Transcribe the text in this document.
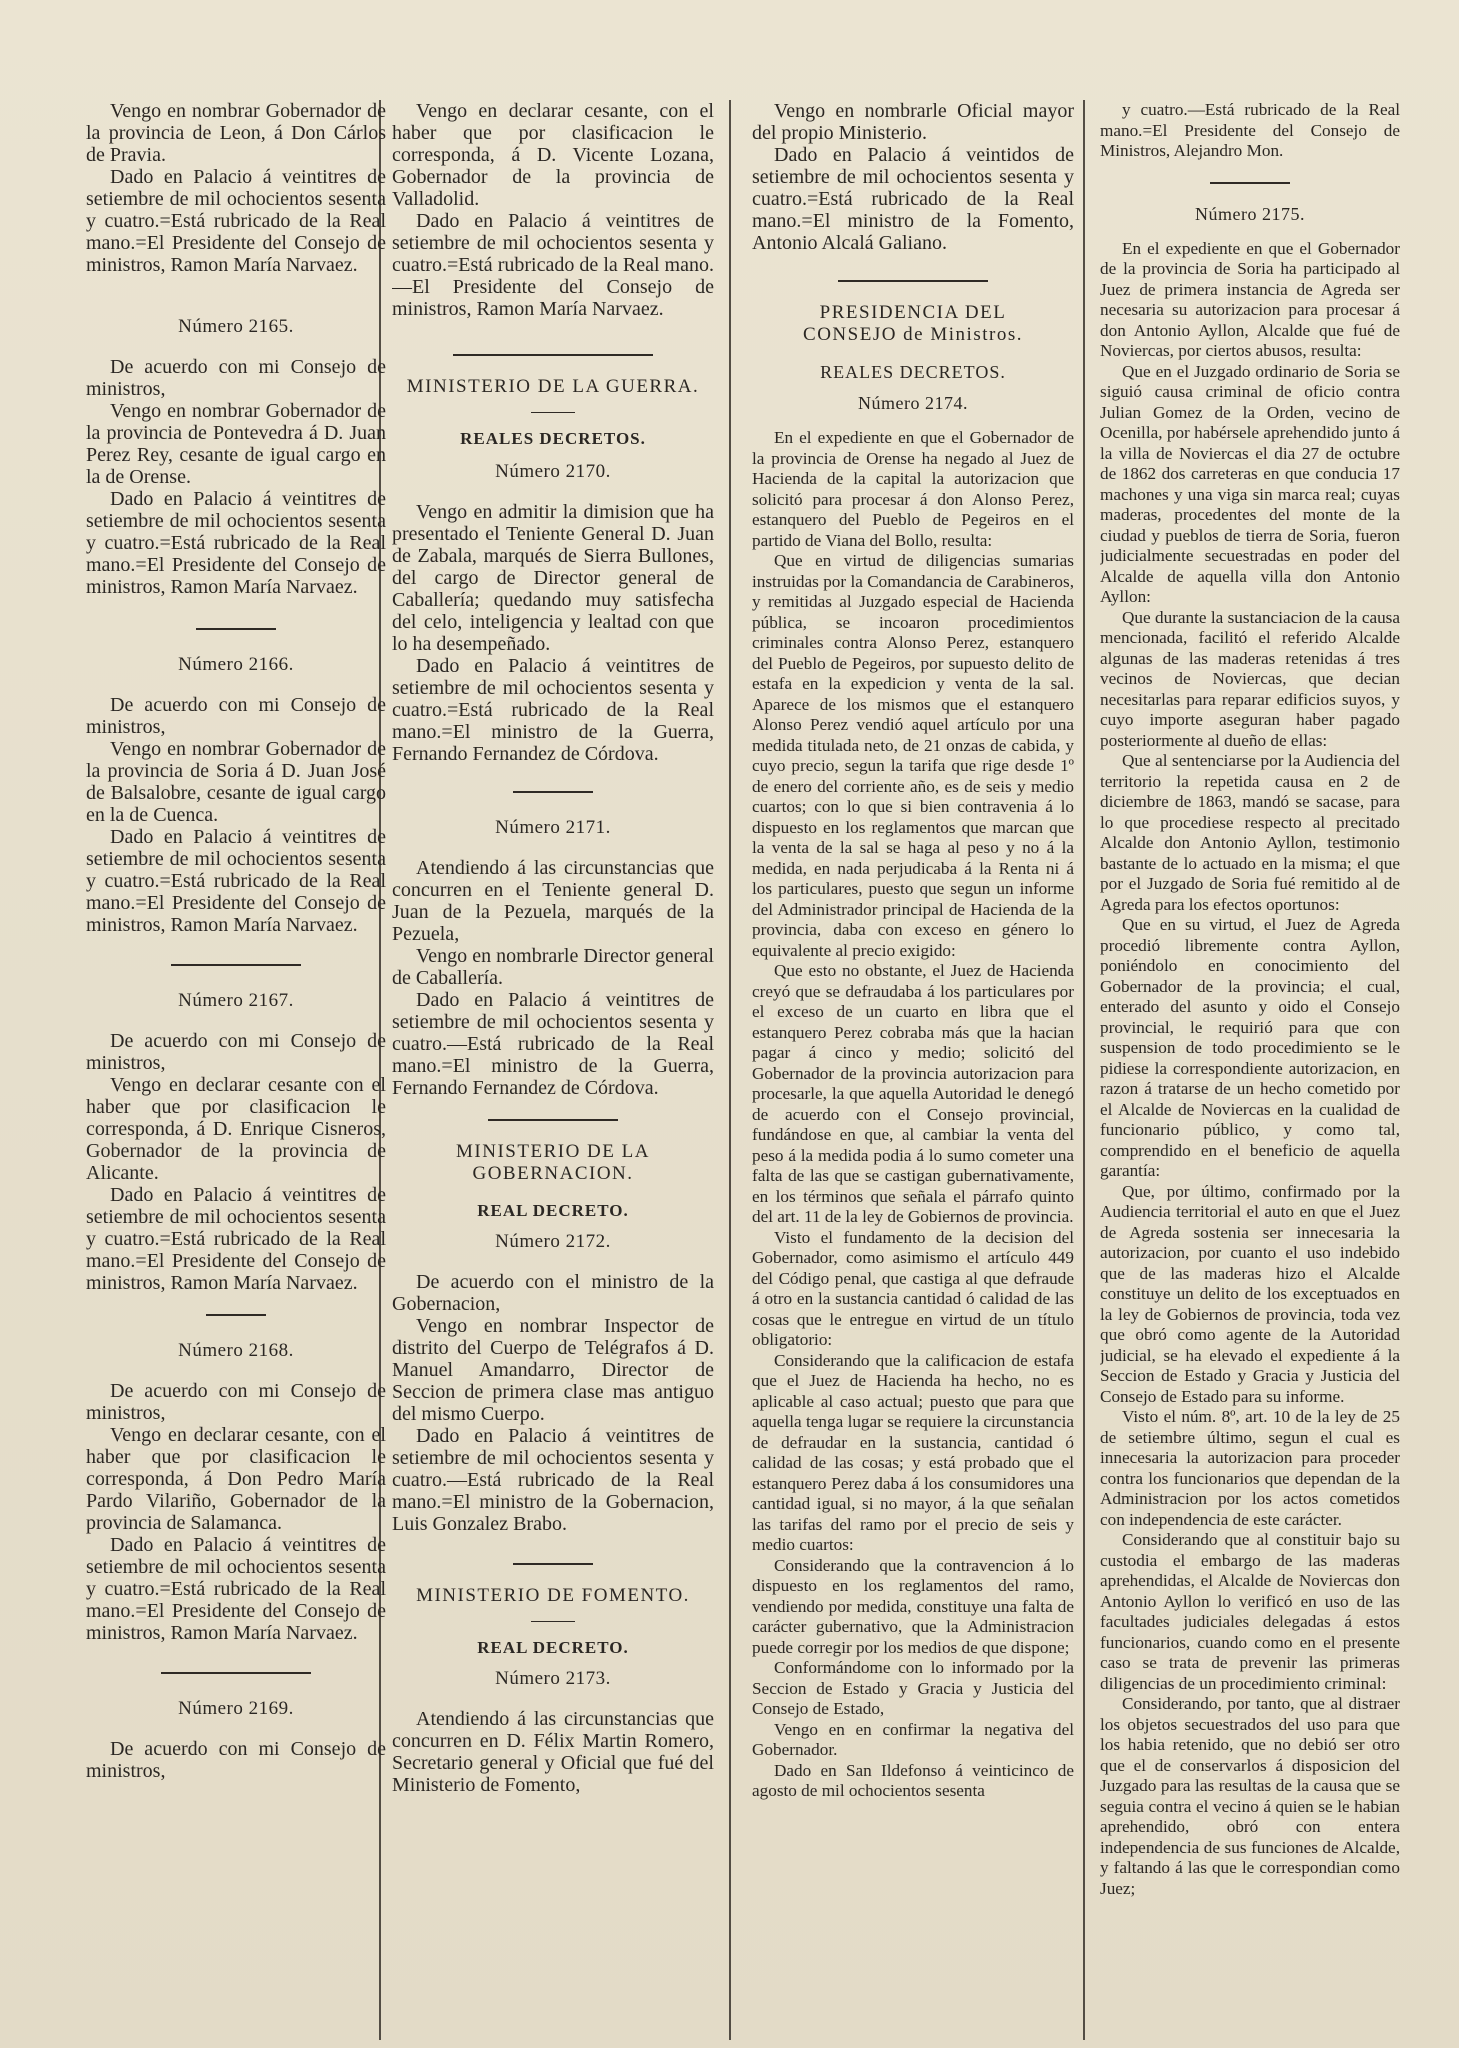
Vengo en nombrar Gobernador de la provincia de Leon, á Don Cárlos de Pravia.

Dado en Palacio á veintitres de setiembre de mil ochocientos sesenta y cuatro.=Está rubricado de la Real mano.=El Presidente del Consejo de ministros, Ramon María Narvaez.

Número 2165.

De acuerdo con mi Consejo de ministros,

Vengo en nombrar Gobernador de la provincia de Pontevedra á D. Juan Perez Rey, cesante de igual cargo en la de Orense.

Dado en Palacio á veintitres de setiembre de mil ochocientos sesenta y cuatro.=Está rubricado de la Real mano.=El Presidente del Consejo de ministros, Ramon María Narvaez.

Número 2166.

De acuerdo con mi Consejo de ministros,

Vengo en nombrar Gobernador de la provincia de Soria á D. Juan José de Balsalobre, cesante de igual cargo en la de Cuenca.

Dado en Palacio á veintitres de setiembre de mil ochocientos sesenta y cuatro.=Está rubricado de la Real mano.=El Presidente del Consejo de ministros, Ramon María Narvaez.

Número 2167.

De acuerdo con mi Consejo de ministros,

Vengo en declarar cesante con el haber que por clasificacion le corresponda, á D. Enrique Cisneros, Gobernador de la provincia de Alicante.

Dado en Palacio á veintitres de setiembre de mil ochocientos sesenta y cuatro.=Está rubricado de la Real mano.=El Presidente del Consejo de ministros, Ramon María Narvaez.

Número 2168.

De acuerdo con mi Consejo de ministros,

Vengo en declarar cesante, con el haber que por clasificacion le corresponda, á Don Pedro María Pardo Vilariño, Gobernador de la provincia de Salamanca.

Dado en Palacio á veintitres de setiembre de mil ochocientos sesenta y cuatro.=Está rubricado de la Real mano.=El Presidente del Consejo de ministros, Ramon María Narvaez.

Número 2169.

De acuerdo con mi Consejo de ministros,

Vengo en declarar cesante, con el haber que por clasificacion le corresponda, á D. Vicente Lozana, Gobernador de la provincia de Valladolid.

Dado en Palacio á veintitres de setiembre de mil ochocientos sesenta y cuatro.=Está rubricado de la Real mano.—El Presidente del Consejo de ministros, Ramon María Narvaez.

MINISTERIO DE LA GUERRA.
REALES DECRETOS.
Número 2170.

Vengo en admitir la dimision que ha presentado el Teniente General D. Juan de Zabala, marqués de Sierra Bullones, del cargo de Director general de Caballería; quedando muy satisfecha del celo, inteligencia y lealtad con que lo ha desempeñado.

Dado en Palacio á veintitres de setiembre de mil ochocientos sesenta y cuatro.=Está rubricado de la Real mano.=El ministro de la Guerra, Fernando Fernandez de Córdova.

Número 2171.

Atendiendo á las circunstancias que concurren en el Teniente general D. Juan de la Pezuela, marqués de la Pezuela,

Vengo en nombrarle Director general de Caballería.

Dado en Palacio á veintitres de setiembre de mil ochocientos sesenta y cuatro.—Está rubricado de la Real mano.=El ministro de la Guerra, Fernando Fernandez de Córdova.

MINISTERIO DE LA GOBERNACION.
REAL DECRETO.
Número 2172.

De acuerdo con el ministro de la Gobernacion,

Vengo en nombrar Inspector de distrito del Cuerpo de Telégrafos á D. Manuel Amandarro, Director de Seccion de primera clase mas antiguo del mismo Cuerpo.

Dado en Palacio á veintitres de setiembre de mil ochocientos sesenta y cuatro.—Está rubricado de la Real mano.=El ministro de la Gobernacion, Luis Gonzalez Brabo.

MINISTERIO DE FOMENTO.
REAL DECRETO.
Número 2173.

Atendiendo á las circunstancias que concurren en D. Félix Martin Romero, Secretario general y Oficial que fué del Ministerio de Fomento,

Vengo en nombrarle Oficial mayor del propio Ministerio.

Dado en Palacio á veintidos de setiembre de mil ochocientos sesenta y cuatro.=Está rubricado de la Real mano.=El ministro de la Fomento, Antonio Alcalá Galiano.

PRESIDENCIA DEL CONSEJO de Ministros.
REALES DECRETOS.
Número 2174.

En el expediente en que el Gobernador de la provincia de Orense ha negado al Juez de Hacienda de la capital la autorizacion que solicitó para procesar á don Alonso Perez, estanquero del Pueblo de Pegeiros en el partido de Viana del Bollo, resulta:

Que en virtud de diligencias sumarias instruidas por la Comandancia de Carabineros, y remitidas al Juzgado especial de Hacienda pública, se incoaron procedimientos criminales contra Alonso Perez, estanquero del Pueblo de Pegeiros, por supuesto delito de estafa en la expedicion y venta de la sal. Aparece de los mismos que el estanquero Alonso Perez vendió aquel artículo por una medida titulada neto, de 21 onzas de cabida, y cuyo precio, segun la tarifa que rige desde 1º de enero del corriente año, es de seis y medio cuartos; con lo que si bien contravenia á lo dispuesto en los reglamentos que marcan que la venta de la sal se haga al peso y no á la medida, en nada perjudicaba á la Renta ni á los particulares, puesto que segun un informe del Administrador principal de Hacienda de la provincia, daba con exceso en género lo equivalente al precio exigido:

Que esto no obstante, el Juez de Hacienda creyó que se defraudaba á los particulares por el exceso de un cuarto en libra que el estanquero Perez cobraba más que la hacian pagar á cinco y medio; solicitó del Gobernador de la provincia autorizacion para procesarle, la que aquella Autoridad le denegó de acuerdo con el Consejo provincial, fundándose en que, al cambiar la venta del peso á la medida podia á lo sumo cometer una falta de las que se castigan gubernativamente, en los términos que señala el párrafo quinto del art. 11 de la ley de Gobiernos de provincia.

Visto el fundamento de la decision del Gobernador, como asimismo el artículo 449 del Código penal, que castiga al que defraude á otro en la sustancia cantidad ó calidad de las cosas que le entregue en virtud de un título obligatorio:

Considerando que la calificacion de estafa que el Juez de Hacienda ha hecho, no es aplicable al caso actual; puesto que para que aquella tenga lugar se requiere la circunstancia de defraudar en la sustancia, cantidad ó calidad de las cosas; y está probado que el estanquero Perez daba á los consumidores una cantidad igual, si no mayor, á la que señalan las tarifas del ramo por el precio de seis y medio cuartos:

Considerando que la contravencion á lo dispuesto en los reglamentos del ramo, vendiendo por medida, constituye una falta de carácter gubernativo, que la Administracion puede corregir por los medios de que dispone;

Conformándome con lo informado por la Seccion de Estado y Gracia y Justicia del Consejo de Estado,

Vengo en en confirmar la negativa del Gobernador.

Dado en San Ildefonso á veinticinco de agosto de mil ochocientos sesenta

y cuatro.—Está rubricado de la Real mano.=El Presidente del Consejo de Ministros, Alejandro Mon.

Número 2175.

En el expediente en que el Gobernador de la provincia de Soria ha participado al Juez de primera instancia de Agreda ser necesaria su autorizacion para procesar á don Antonio Ayllon, Alcalde que fué de Noviercas, por ciertos abusos, resulta:

Que en el Juzgado ordinario de Soria se siguió causa criminal de oficio contra Julian Gomez de la Orden, vecino de Ocenilla, por habérsele aprehendido junto á la villa de Noviercas el dia 27 de octubre de 1862 dos carreteras en que conducia 17 machones y una viga sin marca real; cuyas maderas, procedentes del monte de la ciudad y pueblos de tierra de Soria, fueron judicialmente secuestradas en poder del Alcalde de aquella villa don Antonio Ayllon:

Que durante la sustanciacion de la causa mencionada, facilitó el referido Alcalde algunas de las maderas retenidas á tres vecinos de Noviercas, que decian necesitarlas para reparar edificios suyos, y cuyo importe aseguran haber pagado posteriormente al dueño de ellas:

Que al sentenciarse por la Audiencia del territorio la repetida causa en 2 de diciembre de 1863, mandó se sacase, para lo que procediese respecto al precitado Alcalde don Antonio Ayllon, testimonio bastante de lo actuado en la misma; el que por el Juzgado de Soria fué remitido al de Agreda para los efectos oportunos:

Que en su virtud, el Juez de Agreda procedió libremente contra Ayllon, poniéndolo en conocimiento del Gobernador de la provincia; el cual, enterado del asunto y oido el Consejo provincial, le requirió para que con suspension de todo procedimiento se le pidiese la correspondiente autorizacion, en razon á tratarse de un hecho cometido por el Alcalde de Noviercas en la cualidad de funcionario público, y como tal, comprendido en el beneficio de aquella garantía:

Que, por último, confirmado por la Audiencia territorial el auto en que el Juez de Agreda sostenia ser innecesaria la autorizacion, por cuanto el uso indebido que de las maderas hizo el Alcalde constituye un delito de los exceptuados en la ley de Gobiernos de provincia, toda vez que obró como agente de la Autoridad judicial, se ha elevado el expediente á la Seccion de Estado y Gracia y Justicia del Consejo de Estado para su informe.

Visto el núm. 8º, art. 10 de la ley de 25 de setiembre último, segun el cual es innecesaria la autorizacion para proceder contra los funcionarios que dependan de la Administracion por los actos cometidos con independencia de este carácter.

Considerando que al constituir bajo su custodia el embargo de las maderas aprehendidas, el Alcalde de Noviercas don Antonio Ayllon lo verificó en uso de las facultades judiciales delegadas á estos funcionarios, cuando como en el presente caso se trata de prevenir las primeras diligencias de un procedimiento criminal:

Considerando, por tanto, que al distraer los objetos secuestrados del uso para que los habia retenido, que no debió ser otro que el de conservarlos á disposicion del Juzgado para las resultas de la causa que se seguia contra el vecino á quien se le habian aprehendido, obró con entera independencia de sus funciones de Alcalde, y faltando á las que le correspondian como Juez;
